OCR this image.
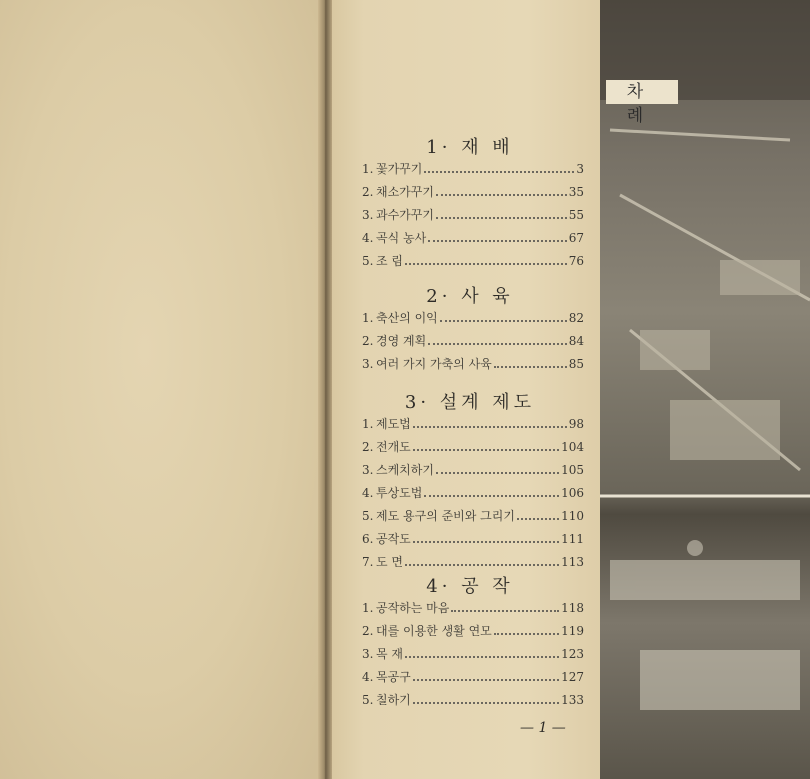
차 례
1· 재 배
1. 꽃가꾸기	3
2. 채소가꾸기	35
3. 과수가꾸기	55
4. 곡식 농사	67
5. 조 림	76
2· 사 육
1. 축산의 이익	82
2. 경영 계획	84
3. 여러 가지 가축의 사육	85
3· 설계 제도
1. 제도법	98
2. 전개도	104
3. 스케치하기	105
4. 투상도법	106
5. 제도 용구의 준비와 그리기	110
6. 공작도	111
7. 도 면	113
4· 공 작
1. 공작하는 마음	118
2. 대를 이용한 생활 연모	119
3. 목 재	123
4. 목공구	127
5. 칠하기	133
— 1 —
